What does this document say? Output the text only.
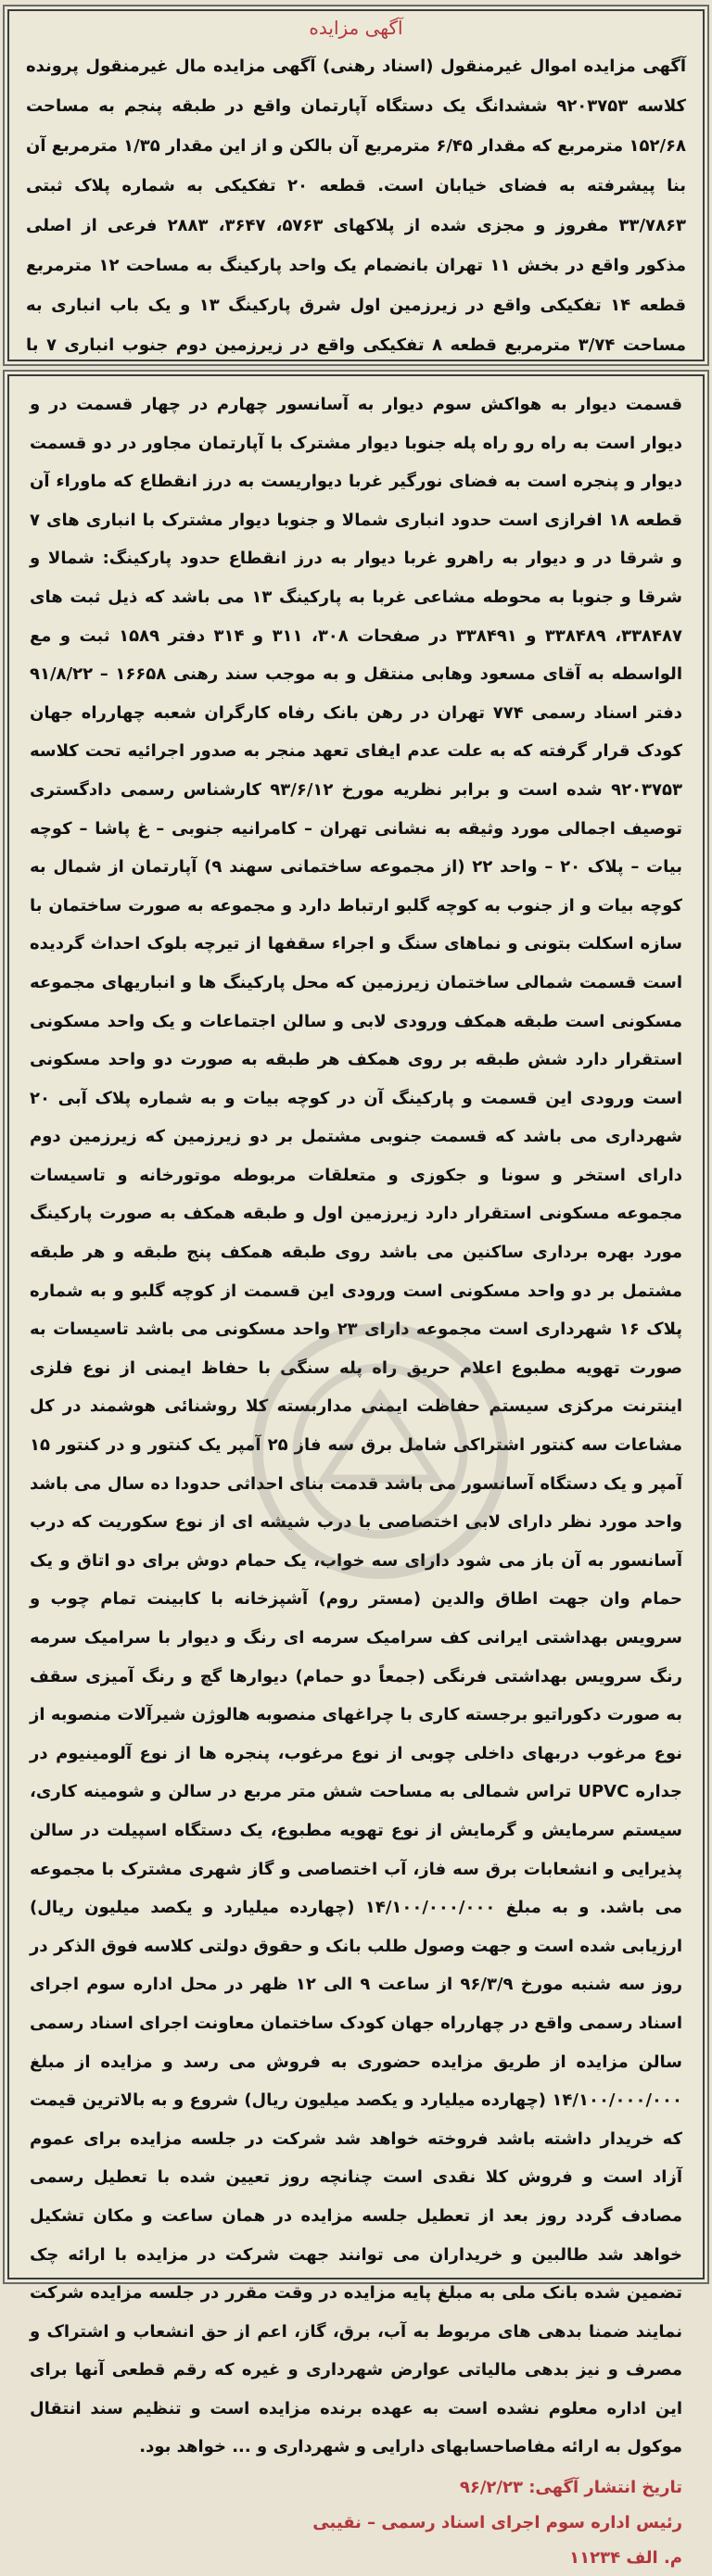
آگهی مزایده

آگهی مزایده اموال غیرمنقول (اسناد رهنی) آگهی مزایده مال غیرمنقول پرونده کلاسه ۹۲۰۳۷۵۳ ششدانگ یک دستگاه آپارتمان واقع در طبقه پنجم به مساحت ۱۵۲/۶۸ مترمربع که مقدار ۶/۴۵ مترمربع آن بالکن و از این مقدار ۱/۳۵ مترمربع آن بنا پیشرفته به فضای خیابان است. قطعه ۲۰ تفکیکی به شماره پلاک ثبتی ۳۳/۷۸۶۳ مفروز و مجزی شده از پلاکهای ۵۷۶۳، ۳۶۴۷، ۲۸۸۳ فرعی از اصلی مذکور واقع در بخش ۱۱ تهران بانضمام یک واحد پارکینگ به مساحت ۱۲ مترمربع قطعه ۱۴ تفکیکی واقع در زیرزمین اول شرق پارکینگ ۱۳ و یک باب انباری به مساحت ۳/۷۴ مترمربع قطعه ۸ تفکیکی واقع در زیرزمین دوم جنوب انباری ۷ با

قسمت دیوار به هواکش سوم دیوار به آسانسور چهارم در چهار قسمت در و دیوار است به راه رو راه پله جنوبا دیوار مشترک با آپارتمان مجاور در دو قسمت دیوار و پنجره است به فضای نورگیر غربا دیواریست به درز انقطاع که ماوراء آن قطعه ۱۸ افرازی است حدود انباری شمالا و جنوبا دیوار مشترک با انباری های ۷ و شرقا در و دیوار به راهرو غربا دیوار به درز انقطاع حدود پارکینگ: شمالا و شرقا و جنوبا به محوطه مشاعی غربا به پارکینگ ۱۳ می باشد که ذیل ثبت های ۳۳۸۴۸۷، ۳۳۸۴۸۹ و ۳۳۸۴۹۱ در صفحات ۳۰۸، ۳۱۱ و ۳۱۴ دفتر ۱۵۸۹ ثبت و مع الواسطه به آقای مسعود وهابی منتقل و به موجب سند رهنی ۱۶۶۵۸ – ۹۱/۸/۲۲ دفتر اسناد رسمی ۷۷۴ تهران در رهن بانک رفاه کارگران شعبه چهارراه جهان کودک قرار گرفته که به علت عدم ایفای تعهد منجر به صدور اجرائیه تحت کلاسه ۹۲۰۳۷۵۳ شده است و برابر نظریه مورخ ۹۳/۶/۱۲ کارشناس رسمی دادگستری توصیف اجمالی مورد وثیقه به نشانی تهران – کامرانیه جنوبی – غ پاشا – کوچه بیات – پلاک ۲۰ – واحد ۲۲ (از مجموعه ساختمانی سهند ۹) آپارتمان از شمال به کوچه بیات و از جنوب به کوچه گلبو ارتباط دارد و مجموعه به صورت ساختمان با سازه اسکلت بتونی و نماهای سنگ و اجراء سقفها از تیرچه بلوک احداث گردیده است قسمت شمالی ساختمان زیرزمین که محل پارکینگ ها و انباریهای مجموعه مسکونی است طبقه همکف ورودی لابی و سالن اجتماعات و یک واحد مسکونی استقرار دارد شش طبقه بر روی همکف هر طبقه به صورت دو واحد مسکونی است ورودی این قسمت و پارکینگ آن در کوچه بیات و به شماره پلاک آبی ۲۰ شهرداری می باشد که قسمت جنوبی مشتمل بر دو زیرزمین که زیرزمین دوم دارای استخر و سونا و جکوزی و متعلقات مربوطه موتورخانه و تاسیسات مجموعه مسکونی استقرار دارد زیرزمین اول و طبقه همکف به صورت پارکینگ مورد بهره برداری ساکنین می باشد روی طبقه همکف پنج طبقه و هر طبقه مشتمل بر دو واحد مسکونی است ورودی این قسمت از کوچه گلبو و به شماره پلاک ۱۶ شهرداری است مجموعه دارای ۲۳ واحد مسکونی می باشد تاسیسات به صورت تهویه مطبوع اعلام حریق راه پله سنگی با حفاظ ایمنی از نوع فلزی اینترنت مرکزی سیستم حفاظت ایمنی مداربسته کلا روشنائی هوشمند در کل مشاعات سه کنتور اشتراکی شامل برق سه فاز ۲۵ آمپر یک کنتور و در کنتور ۱۵ آمپر و یک دستگاه آسانسور می باشد قدمت بنای احداثی حدودا ده سال می باشد واحد مورد نظر دارای لابی اختصاصی با درب شیشه ای از نوع سکوریت که درب آسانسور به آن باز می شود دارای سه خواب، یک حمام دوش برای دو اتاق و یک حمام وان جهت اطاق والدین (مستر روم) آشپزخانه با کابینت تمام چوب و سرویس بهداشتی ایرانی کف سرامیک سرمه ای رنگ و دیوار با سرامیک سرمه رنگ سرویس بهداشتی فرنگی (جمعاً دو حمام) دیوارها گچ و رنگ آمیزی سقف به صورت دکوراتیو برجسته کاری با چراغهای منصوبه هالوژن شیرآلات منصوبه از نوع مرغوب دربهای داخلی چوبی از نوع مرغوب، پنجره ها از نوع آلومینیوم در جداره UPVC تراس شمالی به مساحت شش متر مربع در سالن و شومینه کاری، سیستم سرمایش و گرمایش از نوع تهویه مطبوع، یک دستگاه اسپیلت در سالن پذیرایی و انشعابات برق سه فاز، آب اختصاصی و گاز شهری مشترک با مجموعه می باشد. و به مبلغ ۱۴/۱۰۰/۰۰۰/۰۰۰ (چهارده میلیارد و یکصد میلیون ریال) ارزیابی شده است و جهت وصول طلب بانک و حقوق دولتی کلاسه فوق الذکر در روز سه شنبه مورخ ۹۶/۳/۹ از ساعت ۹ الی ۱۲ ظهر در محل اداره سوم اجرای اسناد رسمی واقع در چهارراه جهان کودک ساختمان معاونت اجرای اسناد رسمی سالن مزایده از طریق مزایده حضوری به فروش می رسد و مزایده از مبلغ ۱۴/۱۰۰/۰۰۰/۰۰۰ (چهارده میلیارد و یکصد میلیون ریال) شروع و به بالاترین قیمت که خریدار داشته باشد فروخته خواهد شد شرکت در جلسه مزایده برای عموم آزاد است و فروش کلا نقدی است چنانچه روز تعیین شده با تعطیل رسمی مصادف گردد روز بعد از تعطیل جلسه مزایده در همان ساعت و مکان تشکیل خواهد شد طالبین و خریداران می توانند جهت شرکت در مزایده با ارائه چک تضمین شده بانک ملی به مبلغ پایه مزایده در وقت مقرر در جلسه مزایده شرکت نمایند ضمنا بدهی های مربوط به آب، برق، گاز، اعم از حق انشعاب و اشتراک و مصرف و نیز بدهی مالیاتی عوارض شهرداری و غیره که رقم قطعی آنها برای این اداره معلوم نشده است به عهده برنده مزایده است و تنظیم سند انتقال موکول به ارائه مفاصاحسابهای دارایی و شهرداری و ... خواهد بود.

تاریخ انتشار آگهی: ۹۶/۲/۲۳
رئیس اداره سوم اجرای اسناد رسمی – نقیبی
م. الف ۱۱۲۳۴
